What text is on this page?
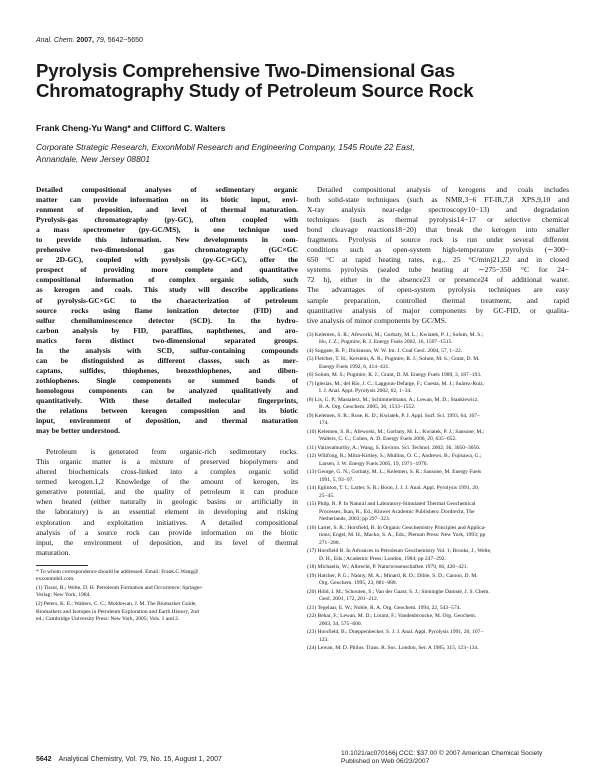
Anal. Chem. 2007, 79, 5642−5650
Pyrolysis Comprehensive Two-Dimensional Gas
Chromatography Study of Petroleum Source Rock
Frank Cheng-Yu Wang* and Clifford C. Walters
Corporate Strategic Research, ExxonMobil Research and Engineering Company, 1545 Route 22 East,
Annandale, New Jersey 08801
Detailed compositional analyses of sedimentary organic
matter can provide information on its biotic input, envi-
ronment of deposition, and level of thermal maturation.
Pyrolysis-gas chromatography (py-GC), often coupled with
a mass spectrometer (py-GC/MS), is one technique used
to provide this information. New developments in com-
prehensive two-dimensional gas chromatography (GC×GC
or 2D-GC), coupled with pyrolysis (py-GC×GC), offer the
prospect of providing more complete and quantitative
compositional information of complex organic solids, such
as kerogen and coals. This study will describe applications
of pyrolysis-GC×GC to the characterization of petroleum
source rocks using flame ionization detector (FID) and
sulfur chemiluminescence detector (SCD). In the hydro-
carbon analysis by FID, paraffins, naphthenes, and aro-
matics form distinct two-dimensional separated groups.
In the analysis with SCD, sulfur-containing compounds
can be distinguished as different classes, such as mer-
captans, sulfides, thiophenes, benzothiophenes, and diben-
zothiophenes. Single components or summed bands of
homologous components can be analyzed qualitatively and
quantitatively. With these detailed molecular fingerprints,
the relations between kerogen composition and its biotic
input, environment of deposition, and thermal maturation
may be better understood.
Petroleum is generated from organic-rich sedimentary rocks.
This organic matter is a mixture of preserved biopolymers and
altered biochemicals cross-linked into a complex organic solid
termed kerogen.1,2 Knowledge of the amount of kerogen, its
generative potential, and the quality of petroleum it can produce
when heated (either naturally in geologic basins or artificially in
the laboratory) is an essential element in developing and risking
exploration and exploitation initiatives. A detailed compositional
analysis of a source rock can provide information on the biotic
input, the environment of deposition, and its level of thermal
maturation.
* To whom correspondence should be addressed. Email: Frank.C.Wang@
exxonmobil.com.
(1) Tissot, B.; Welte, D. H. Petroleum Formation and Occurrence; Springer-
Verlag: New York, 1984.
(2) Peters, K. E.; Walters, C. C.; Moldowan, J. M. The Biomarker Guide,
Biomarkers and Isotopes in Petroleum Exploration and Earth History, 2nd
ed.; Cambridge University Press: New York, 2005; Vols. 1 and 2.
Detailed compositional analysis of kerogens and coals includes
both solid-state techniques (such as NMR,3−6 FT-IR,7,8 XPS,9,10 and
X-ray analysis near-edge spectroscopy10−13) and degradation
techniques (such as thermal pyrolysis14−17 or selective chemical
bond cleavage reactions18−20) that break the kerogen into smaller
fragments. Pyrolysis of source rock is run under several different
conditions such as open-system high-temperature pyrolysis (∼300−
650 °C at rapid heating rates, e.g., 25 °C/min)21,22 and in closed
systems pyrolysis (sealed tube heating at ∼275−350 °C for 24−
72 h), either in the absence23 or presence24 of additional water.
The advantages of open-system pyrolysis techniques are easy
sample preparation, controlled thermal treatment, and rapid
quantitative analysis of major components by GC-FID, or qualita-
tive analysis of minor components by GC/MS.
(3) Kelemen, S. R.; Afeworki, M.; Gorbaty, M. L.; Kwiatek, P. J.; Solum, M. S.;
Hu, J. Z.; Pugmire, R. J. Energy Fuels 2002, 16, 1507−1515.
(4) Suggate, R. P.; Dickinson, W. W. Int. J. Coal Geol. 2004, 57, 1−22.
(5) Fletcher, T. H.; Kerstein, A. R.; Pugmire, R. J.; Solum, M. S.; Grant, D. M.
Energy Fuels 1992, 6, 414−431.
(6) Solum, M. S.; Pugmire, R. J.; Grant, D. M. Energy Fuels 1989, 3, 187−193.
(7) Iglesias, M.; del Río, J. C.; Laggoun-Defarge, F.; Cuesta, M. J.; Suárez-Ruiz,
I. J. Anal. Appl. Pyrolysis 2002, 62, 1−34.
(8) Lis, G. P.; Mastalerz, M.; Schimmelmann, A.; Lewan, M. D.; Stankiewicz,
B. A. Org. Geochem. 2005, 36, 1533−1552.
(9) Kelemen, S. R.; Rose, K. D.; Kwiatek, P. J. Appl. Surf. Sci. 1993, 64, 167−
174.
(10) Kelemen, S. R.; Afeworki, M.; Gorbaty, M. L.; Kwiatek, P. J.; Sansone, M.;
Walters, C. C.; Cohen, A. D. Energy Fuels 2006, 20, 635−652.
(11) Vairavamurthy, A.; Wang, S. Environ. Sci. Technol. 2002, 36, 3050−3056.
(12) Wiltfong, R.; Mitra-Kirtley, S.; Mullins, O. C.; Andrews, B.; Fujisawa, G.;
Larsen, J. W. Energy Fuels 2005, 19, 1971−1976.
(13) George, G. N.; Gorbaty, M. L.; Kelemen, S. R.; Sansone, M. Energy Fuels
1991, 5, 93−97.
(14) Eglinton, T. I.; Larter, S. R.; Boon, J. J. J. Anal. Appl. Pyrolysis 1991, 20,
25−45.
(15) Philp, R. P. In Natural and Laboratory-Simulated Thermal Geochemical
Processes; Ikan, R., Ed.; Kluwer Academic Publishers: Dordrecht, The
Netherlands, 2003; pp 297−323.
(16) Larter, S. R.; Horsfield, B. In Organic Geochemistry Principles and Applica-
tions; Engel, M. H., Macko, S. A., Eds.; Plenum Press: New York, 1993; pp
271−288.
(17) Horsfield B. In Advances in Petroleum Geochemistry Vol. 1; Brooks, J., Welte,
D. H., Eds.; Academic Press: London, 1984; pp 247−292.
(18) Michaelis, W.; Albrecht, P. Naturwissenschaften 1979, 66, 420−421.
(19) Hatcher, P. G.; Nanny, M. A.; Minard, R. D.; Dible, S. D.; Carson, D. M.
Org. Geochem. 1995, 23, 881−888.
(20) Höld, I. M.; Schouten, S.; Van der Gaast, S. J.; Sinninghe Damsté, J. S. Chem.
Geol. 2001, 172, 201−212.
(21) Tegelaar, E. W.; Noble, R. A. Org. Geochem. 1994, 22, 543−574.
(22) Behar, F.; Lewan, M. D.; Lorant, F.; Vandenbroucke, M. Org. Geochem.
2003, 34, 575−600.
(23) Horsfield, B.; Dueppenbecker, S. J. J. Anal. Appl. Pyrolysis 1991, 20, 107−
123.
(24) Lewan, M. D. Philos. Trans. R. Soc. London, Ser. A 1985, 315, 123−134.
5642 Analytical Chemistry, Vol. 79, No. 15, August 1, 2007
10.1021/ac070166j CCC: $37.00 © 2007 American Chemical Society
Published on Web 06/23/2007
